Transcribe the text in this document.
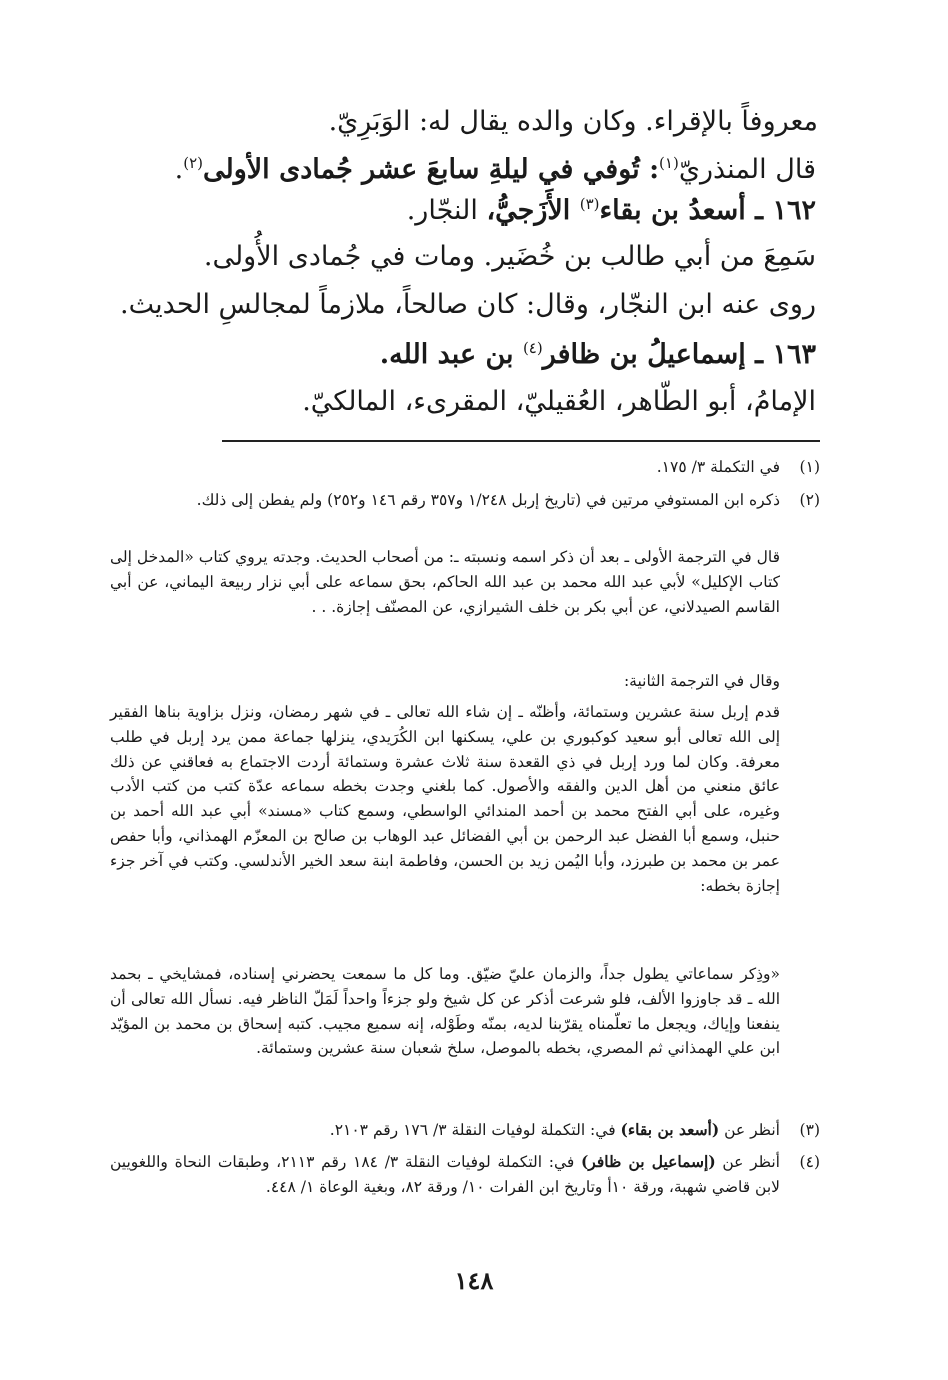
معروفاً بالإقراء. وكان والده يقال له: الوَبَرِيّ.
قال المنذريّ$^{(١)}$: تُوفي في ليلةِ سابعَ عشر جُمادى الأولى$^{(٢)}$.
١٦٢ ـ أسعدُ بن بقاء$^{(٣)}$ الأَزَجيُّ، النجّار.
سَمِعَ من أبي طالب بن خُضَير. ومات في جُمادى الأُولى.
روى عنه ابن النجّار، وقال: كان صالحاً، ملازماً لمجالسِ الحديث.
١٦٣ ـ إسماعيلُ بن ظافر$^{(٤)}$ بن عبد الله.
الإمامُ، أبو الطّاهر، العُقيليّ، المقرىء، المالكيّ.
(١)
في التكملة ٣/ ١٧٥.
(٢)
ذكره ابن المستوفي مرتين في (تاريخ إربل ١/٢٤٨ و٣٥٧ رقم ١٤٦ و٢٥٢) ولم يفطن إلى ذلك.
قال في الترجمة الأولى ـ بعد أن ذكر اسمه ونسبته ـ: من أصحاب الحديث. وجدته يروي كتاب «المدخل إلى كتاب الإكليل» لأبي عبد الله محمد بن عبد الله الحاكم، بحق سماعه على أبي نزار ربيعة اليماني، عن أبي القاسم الصيدلاني، عن أبي بكر بن خلف الشيرازي، عن المصنّف إجازة. . .
وقال في الترجمة الثانية:
قدم إربل سنة عشرين وستمائة، وأظنّه ـ إن شاء الله تعالى ـ في شهر رمضان، ونزل بزاوية بناها الفقير إلى الله تعالى أبو سعيد كوكبوري بن علي، يسكنها ابن الكُرَيدي، ينزلها جماعة ممن يرد إربل في طلب معرفة. وكان لما ورد إربل في ذي القعدة سنة ثلاث عشرة وستمائة أردت الاجتماع به فعاقني عن ذلك عائق منعني من أهل الدين والفقه والأصول. كما بلغني وجدت بخطه سماعه عدّة كتب من كتب الأدب وغيره، على أبي الفتح محمد بن أحمد المندائي الواسطي، وسمع كتاب «مسند» أبي عبد الله أحمد بن حنبل، وسمع أبا الفضل عبد الرحمن بن أبي الفضائل عبد الوهاب بن صالح بن المعزّم الهمذاني، وأبا حفص عمر بن محمد بن طبرزد، وأبا اليُمن زيد بن الحسن، وفاطمة ابنة سعد الخير الأندلسي. وكتب في آخر جزء إجازة بخطه:
«وذِكر سماعاتي يطول جداً، والزمان عليّ ضيّق. وما كل ما سمعت يحضرني إسناده، فمشايخي ـ بحمد الله ـ قد جاوزوا الألف، فلو شرعت أذكر عن كل شيخ ولو جزءاً واحداً لَمَلّ الناظر فيه. نسأل الله تعالى أن ينفعنا وإياك، ويجعل ما تعلّمناه يقرّبنا لديه، بمنّه وطَوْله، إنه سميع مجيب. كتبه إسحاق بن محمد بن المؤيّد ابن علي الهمذاني ثم المصري، بخطه بالموصل، سلخ شعبان سنة عشرين وستمائة.
(٣)
أنظر عن (أسعد بن بقاء) في: التكملة لوفيات النقلة ٣/ ١٧٦ رقم ٢١٠٣.
(٤)
أنظر عن (إسماعيل بن ظافر) في: التكملة لوفيات النقلة ٣/ ١٨٤ رقم ٢١١٣، وطبقات النحاة واللغويين لابن قاضي شهبة، ورقة ١٠أ وتاريخ ابن الفرات ١٠/ ورقة ٨٢، وبغية الوعاة ١/ ٤٤٨.
١٤٨
